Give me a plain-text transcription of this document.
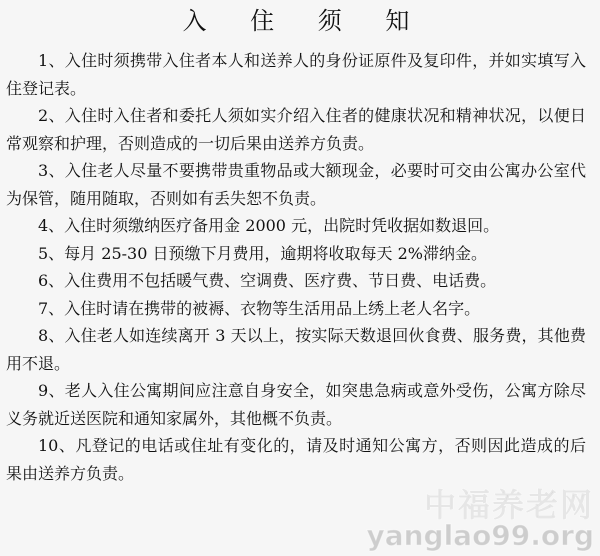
入 住 须 知
1、入住时须携带入住者本人和送养人的身份证原件及复印件，并如实填写入住登记表。
2、入住时入住者和委托人须如实介绍入住者的健康状况和精神状况，以便日常观察和护理，否则造成的一切后果由送养方负责。
3、入住老人尽量不要携带贵重物品或大额现金，必要时可交由公寓办公室代为保管，随用随取，否则如有丢失恕不负责。
4、入住时须缴纳医疗备用金 2000 元，出院时凭收据如数退回。
5、每月 25-30 日预缴下月费用，逾期将收取每天 2%滞纳金。
6、入住费用不包括暖气费、空调费、医疗费、节日费、电话费。
7、入住时请在携带的被褥、衣物等生活用品上绣上老人名字。
8、入住老人如连续离开 3 天以上，按实际天数退回伙食费、服务费，其他费用不退。
9、老人入住公寓期间应注意自身安全，如突患急病或意外受伤，公寓方除尽义务就近送医院和通知家属外，其他概不负责。
10、凡登记的电话或住址有变化的，请及时通知公寓方，否则因此造成的后果由送养方负责。
中福养老网
yanglao99.org
